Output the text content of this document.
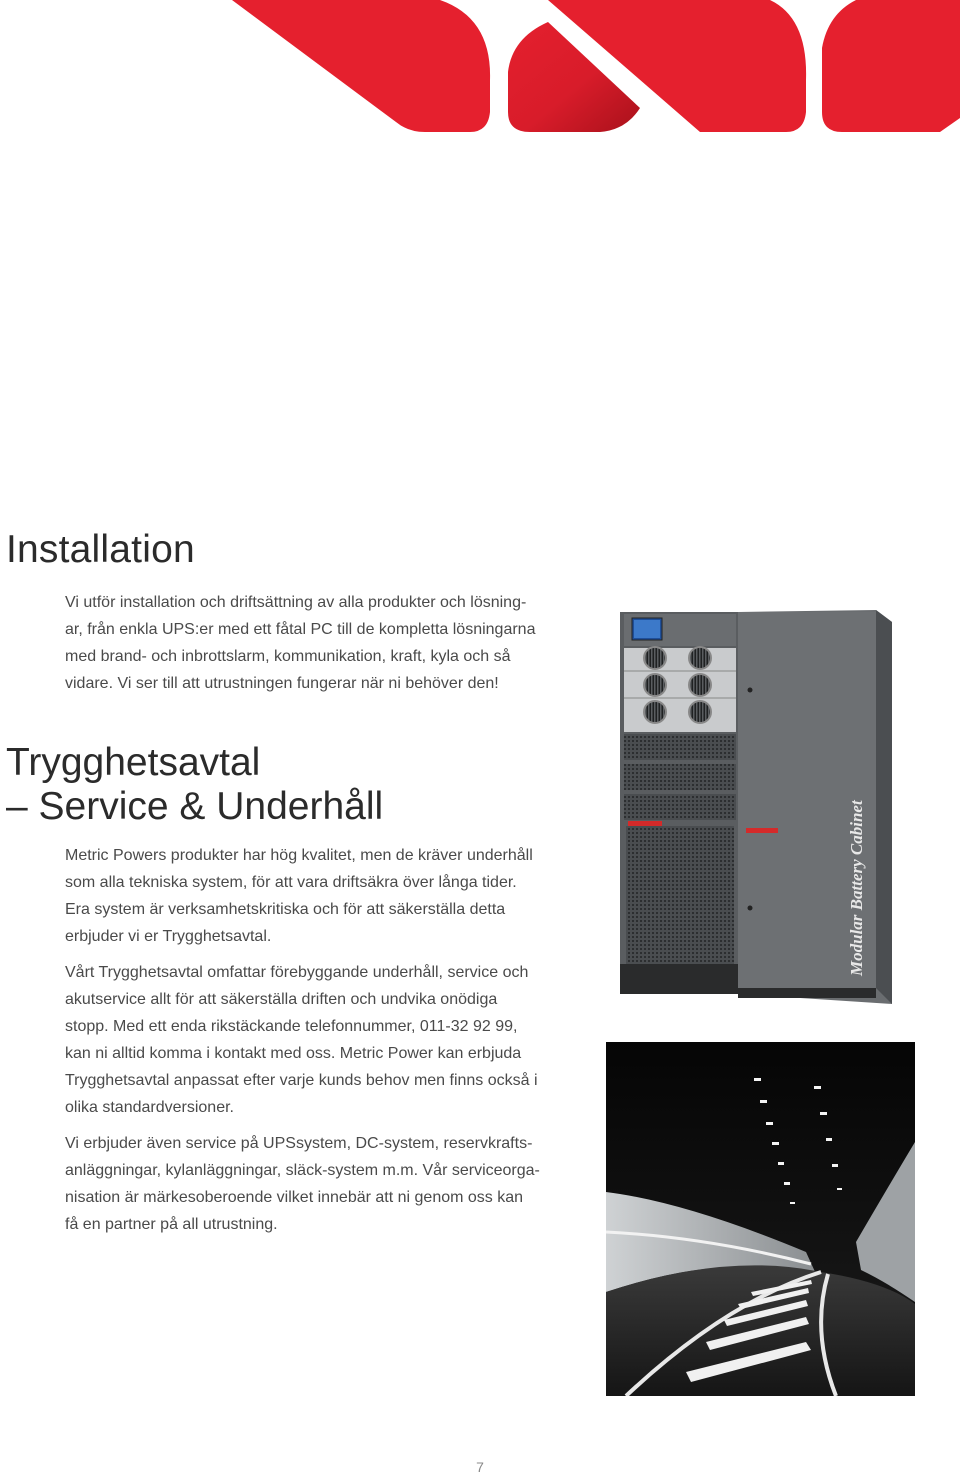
Installation

Vi utför installation och driftsättning av alla produkter och lösning-
ar, från enkla UPS:er med ett fåtal PC till de kompletta lösningarna
med brand- och inbrottslarm, kommunikation, kraft, kyla och så
vidare. Vi ser till att utrustningen fungerar när ni behöver den!

Trygghetsavtal
– Service & Underhåll

Metric Powers produkter har hög kvalitet, men de kräver underhåll
som alla tekniska system, för att vara driftsäkra över långa tider.
Era system är verksamhetskritiska och för att säkerställa detta
erbjuder vi er Trygghetsavtal.

Vårt Trygghetsavtal omfattar förebyggande underhåll, service och
akutservice allt för att säkerställa driften och undvika onödiga
stopp. Med ett enda rikstäckande telefonnummer, 011-32 92 99,
kan ni alltid komma i kontakt med oss. Metric Power kan erbjuda
Trygghetsavtal anpassat efter varje kunds behov men finns också i
olika standardversioner.

Vi erbjuder även service på UPSsystem, DC-system, reservkrafts-
anläggningar, kylanläggningar, släck-system m.m. Vår serviceorga-
nisation är märkesoberoende vilket innebär att ni genom oss kan
få en partner på all utrustning.

Modular Battery Cabinet
7
